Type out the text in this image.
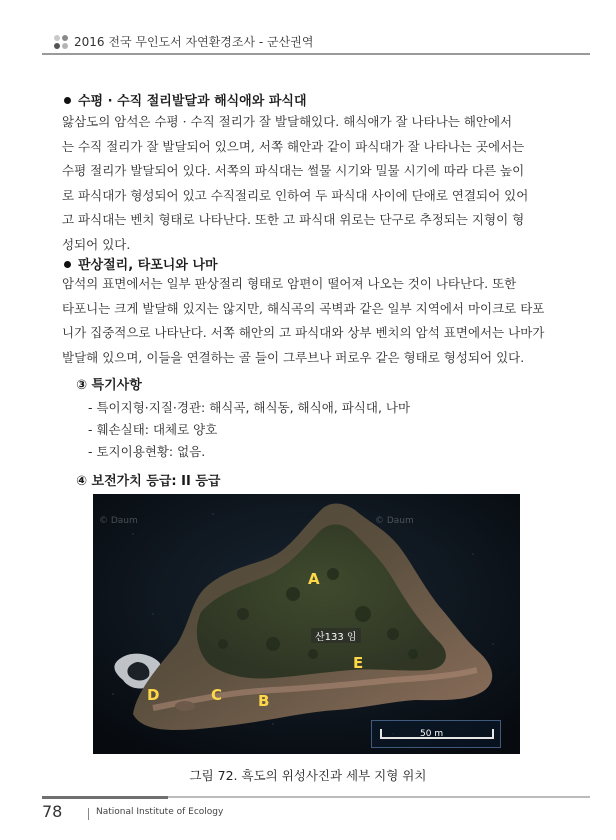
2016 전국 무인도서 자연환경조사 - 군산권역
수평 · 수직 절리발달과 해식애와 파식대

앓삼도의 암석은 수평 · 수직 절리가 잘 발달해있다. 해식애가 잘 나타나는 해안에서

는 수직 절리가 잘 발달되어 있으며, 서쪽 해안과 같이 파식대가 잘 나타나는 곳에서는

수평 절리가 발달되어 있다. 서쪽의 파식대는 썰물 시기와 밀물 시기에 따라 다른 높이

로 파식대가 형성되어 있고 수직절리로 인하여 두 파식대 사이에 단애로 연결되어 있어

고 파식대는 벤치 형태로 나타난다. 또한 고 파식대 위로는 단구로 추정되는 지형이 형

성되어 있다.

판상절리, 타포니와 나마

암석의 표면에서는 일부 판상절리 형태로 암편이 떨어져 나오는 것이 나타난다. 또한

타포니는 크게 발달해 있지는 않지만, 해식곡의 곡벽과 같은 일부 지역에서 마이크로 타포

니가 집중적으로 나타난다. 서쪽 해안의 고 파식대와 상부 벤치의 암석 표면에서는 나마가

발달해 있으며, 이들을 연결하는 골 들이 그루브나 퍼로우 같은 형태로 형성되어 있다.

③ 특기사항
- 특이지형·지질·경관: 해식곡, 해식동, 해식애, 파식대, 나마
- 훼손실태: 대체로 양호
- 토지이용현황: 없음.
④ 보전가치 등급: II 등급
© Daum	© Daum
산133 임
A
B
C
D
E
50 m
그림 72. 흑도의 위성사진과 세부 지형 위치
78	National Institute of Ecology
